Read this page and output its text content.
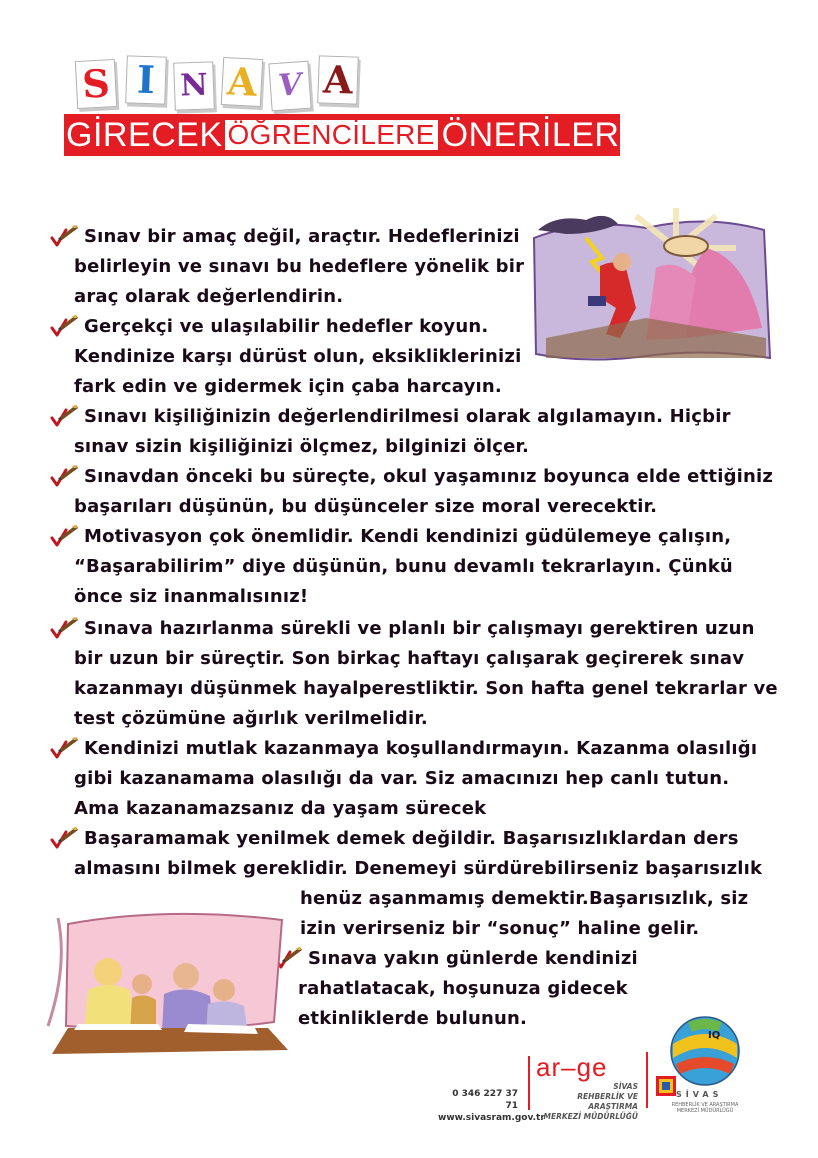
S I N A V A
GİRECEK ÖĞRENCİLERE ÖNERİLER
Sınav bir amaç değil, araçtır. Hedeflerinizi
belirleyin ve sınavı bu hedeflere yönelik bir
araç olarak değerlendirin.
Gerçekçi ve ulaşılabilir hedefler koyun.
Kendinize karşı dürüst olun, eksikliklerinizi
fark edin ve gidermek için çaba harcayın.
Sınavı kişiliğinizin değerlendirilmesi olarak algılamayın. Hiçbir
sınav sizin kişiliğinizi ölçmez, bilginizi ölçer.
Sınavdan önceki bu süreçte, okul yaşamınız boyunca elde ettiğiniz
başarıları düşünün, bu düşünceler size moral verecektir.
Motivasyon çok önemlidir. Kendi kendinizi güdülemeye çalışın,
“Başarabilirim” diye düşünün, bunu devamlı tekrarlayın. Çünkü
önce siz inanmalısınız!
Sınava hazırlanma sürekli ve planlı bir çalışmayı gerektiren uzun
bir uzun bir süreçtir. Son birkaç haftayı çalışarak geçirerek sınav
kazanmayı düşünmek hayalperestliktir. Son hafta genel tekrarlar ve
test çözümüne ağırlık verilmelidir.
Kendinizi mutlak kazanmaya koşullandırmayın. Kazanma olasılığı
gibi kazanamama olasılığı da var. Siz amacınızı hep canlı tutun.
Ama kazanamazsanız da yaşam sürecek
Başaramamak yenilmek demek değildir. Başarısızlıklardan ders
almasını bilmek gereklidir. Denemeyi sürdürebilirseniz başarısızlık
henüz aşanmamış demektir.Başarısızlık, siz
izin verirseniz bir “sonuç” haline gelir.
Sınava yakın günlerde kendinizi
rahatlatacak, hoşunuza gidecek
etkinliklerde bulunun.
0 346 227 37 71
www.sivasram.gov.tr
ar–ge
SİVAS
REHBERLİK VE ARAŞTIRMA
MERKEZİ MÜDÜRLÜĞÜ
IQ
SİVAS
REHBERLİK VE ARAŞTIRMA MERKEZİ MÜDÜRLÜĞÜ
